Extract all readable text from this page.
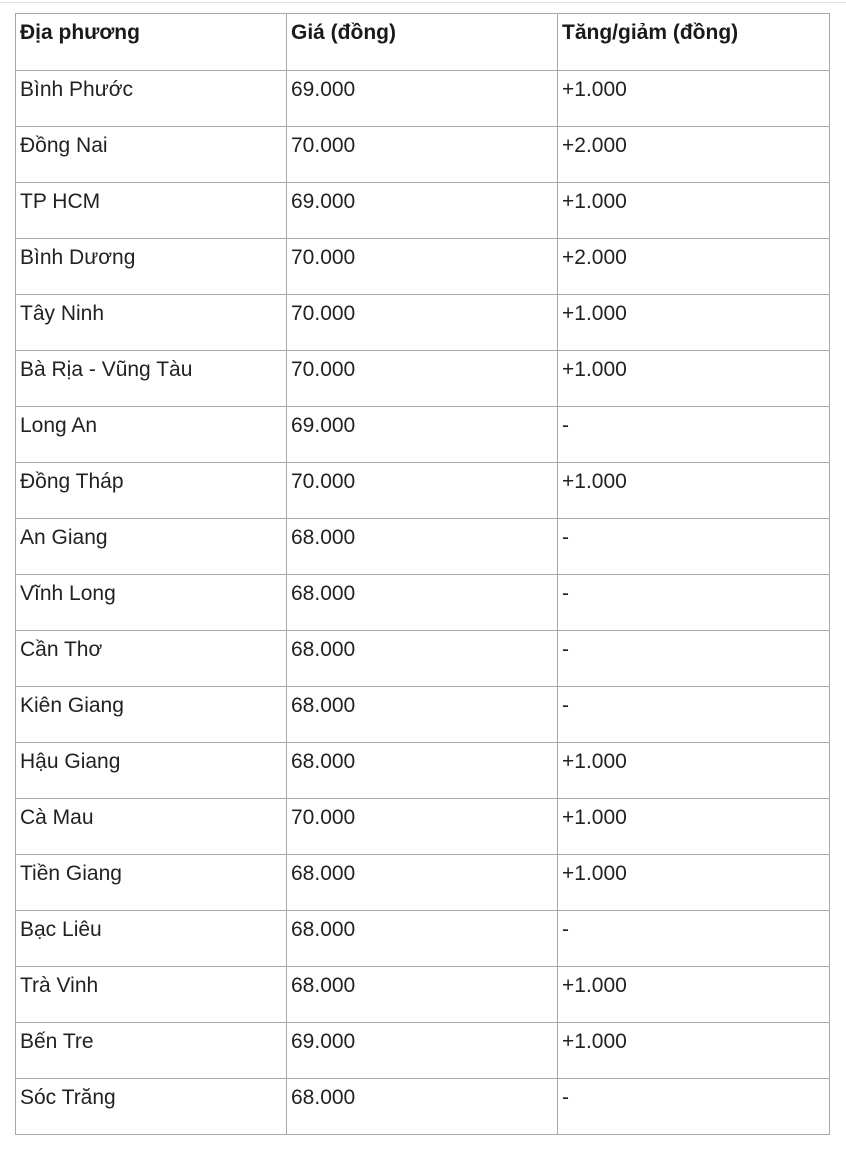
Địa phương	Giá (đồng)	Tăng/giảm (đồng)

Bình Phước	69.000	+1.000

Đồng Nai	70.000	+2.000

TP HCM	69.000	+1.000

Bình Dương	70.000	+2.000

Tây Ninh	70.000	+1.000

Bà Rịa - Vũng Tàu	70.000	+1.000

Long An	69.000	-

Đồng Tháp	70.000	+1.000

An Giang	68.000	-

Vĩnh Long	68.000	-

Cần Thơ	68.000	-

Kiên Giang	68.000	-

Hậu Giang	68.000	+1.000

Cà Mau	70.000	+1.000

Tiền Giang	68.000	+1.000

Bạc Liêu	68.000	-

Trà Vinh	68.000	+1.000

Bến Tre	69.000	+1.000

Sóc Trăng	68.000	-
